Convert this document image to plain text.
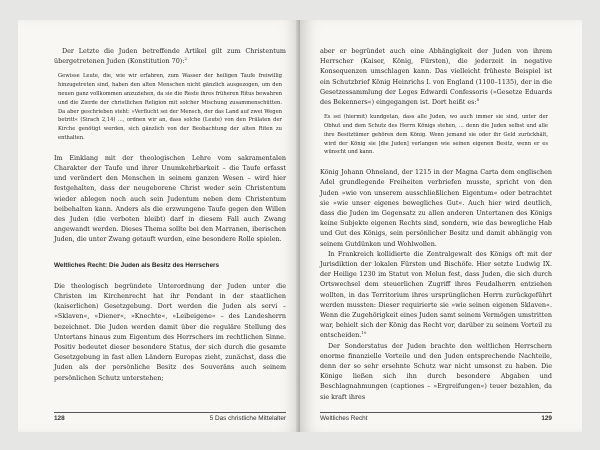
Der Letzte die Juden betreffende Artikel gilt zum Christentum übergetretenen Juden (Konstitution 70):$^2$

Gewisse Leute, die, wie wir erfahren, zum Wasser der heiligen Taufe freiwillig hinzugetreten sind, haben den alten Menschen nicht gänzlich ausgezogen, um den neuen ganz vollkommen anzuziehen, da sie die Reste ihres früheren Ritus bewahren und die Zierde der christlichen Religion mit solcher Mischung zusammenschütten. Da aber geschrieben steht: »Verflucht sei der Mensch, der das Land auf zwei Wegen betritt« (Sirach 2,14) ..., ordnen wir an, dass solche (Leute) von den Prälaten der Kirche genötigt werden, sich gänzlich von der Beobachtung der alten Riten zu enthalten.

Im Einklang mit der theologischen Lehre vom sakramentalen Charakter der Taufe und ihrer Unumkehrbarkeit – die Taufe erfasst und verändert den Menschen in seinem ganzen Wesen – wird hier festgehalten, dass der neugeborene Christ weder sein Christentum wieder ablegen noch auch sein Judentum neben dem Christentum beibehalten kann. Anders als die erzwungene Taufe gegen den Willen des Juden (die verboten bleibt) darf in diesem Fall auch Zwang angewandt werden. Dieses Thema sollte bei den Marranen, iberischen Juden, die unter Zwang getauft wurden, eine besondere Rolle spielen.

Weltliches Recht: Die Juden als Besitz des Herrschers

Die theologisch begründete Unterordnung der Juden unter die Christen im Kirchenrecht hat ihr Pendant in der staatlichen (kaiserlichen) Gesetzgebung. Dort werden die Juden als servi – »Sklaven«, »Diener«, »Knechte«, »Leibeigene« – des Landesherrn bezeichnet. Die Juden werden damit über die reguläre Stellung des Untertans hinaus zum Eigentum des Herrschers im rechtlichen Sinne. Positiv bedeutet dieser besondere Status, der sich durch die gesamte Gesetzgebung in fast allen Ländern Europas zieht, zunächst, dass die Juden als der persönliche Besitz des Souveräns auch seinem persönlichen Schutz unterstehen;

128	5 Das christliche Mittelalter

aber er begründet auch eine Abhängigkeit der Juden von ihrem Herrscher (Kaiser, König, Fürsten), die jederzeit in negative Konsequenzen umschlagen kann. Das vielleicht früheste Beispiel ist ein Schutzbrief König Heinrichs I. von England (1100–1135), der in die Gesetzessammlung der Leges Edwardi Confessoris (»Gesetze Eduards des Bekenners«) eingegangen ist. Dort heißt es:$^8$

Es sei (hiermit) kundgetan, dass alle Juden, wo auch immer sie sind, unter der Obhut und dem Schutz des Herrn Königs stehen, ... denn die Juden selbst und alle ihre Besitztümer gehören dem König. Wenn jemand sie oder ihr Geld zurückhält, wird der König sie [die Juden] verlangen wie seinen eigenen Besitz, wenn er es wünscht und kann.

König Johann Ohneland, der 1215 in der Magna Carta dem englischen Adel grundlegende Freiheiten verbriefen musste, spricht von den Juden »wie von unserem ausschließlichen Eigentum« oder betrachtet sie »wie unser eigenes bewegliches Gut«. Auch hier wird deutlich, dass die Juden im Gegensatz zu allen anderen Untertanen des Königs keine Subjekte eigenen Rechts sind, sondern, wie das bewegliche Hab und Gut des Königs, sein persönlicher Besitz und damit abhängig von seinem Gutdünken und Wohlwollen.

In Frankreich kollidierte die Zentralgewalt des Königs oft mit der Jurisdiktion der lokalen Fürsten und Bischöfe. Hier setzte Ludwig IX. der Heilige 1230 im Statut von Melun fest, dass Juden, die sich durch Ortswechsel dem steuerlichen Zugriff ihres Feudalherrn entziehen wollten, in das Territorium ihres ursprünglichen Herrn zurückgeführt werden mussten: Dieser requirierte sie »wie seinen eigenen Sklaven«. Wenn die Zugehörigkeit eines Juden samt seinem Vermögen umstritten war, behielt sich der König das Recht vor, darüber zu seinem Vorteil zu entscheiden.$^{10}$

Der Sonderstatus der Juden brachte den weltlichen Herrschern enorme finanzielle Vorteile und den Juden entsprechende Nachteile, denn der so sehr ersehnte Schutz war nicht umsonst zu haben. Die Könige ließen sich ihn durch besondere Abgaben und Beschlagnahmungen (captiones – »Ergreifungen«) teuer bezahlen, da sie kraft ihres

Weltliches Recht	129
